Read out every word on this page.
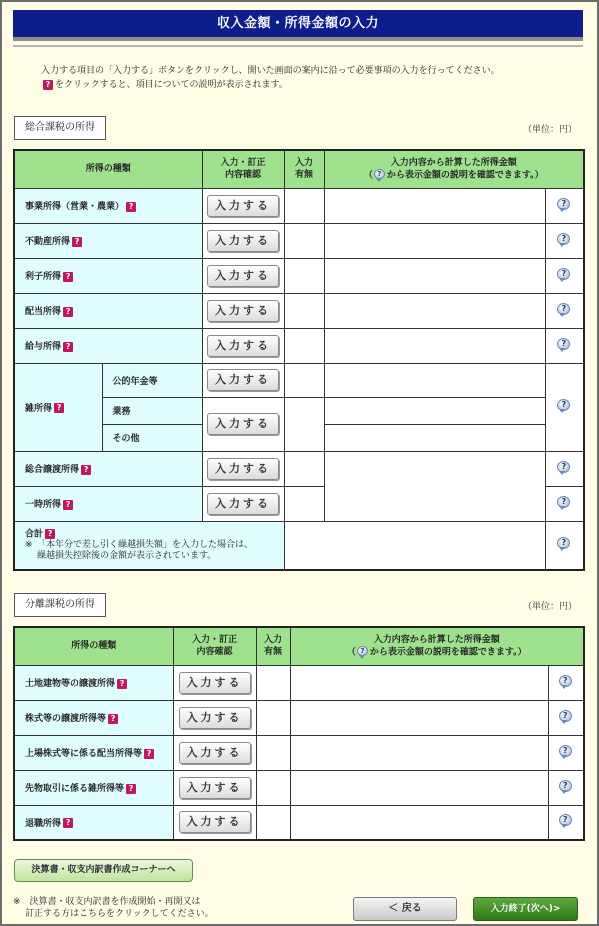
収入金額・所得金額の入力
入力する項目の「入力する」ボタンをクリックし、開いた画面の案内に沿って必要事項の入力を行ってください。
? をクリックすると、項目についての説明が表示されます。
総合課税の所得	（単位：円）
所得の種類		入力・訂正
内容確認	入力
有無	入力内容から計算した所得金額
（ ? から表示金額の説明を確認できます。）	
事業所得（営業・農業） ?		入力する			?

不動産所得 ?		入力する			?

利子所得 ?		入力する			?

配当所得 ?		入力する			?

給与所得 ?		入力する			?

雑所得 ?	公的年金等	入力する			?

	業務	入力する			
	その他				
総合譲渡所得 ?		入力する			?

一時所得 ?		入力する			?

合計 ?
※　「本年分で差し引く繰越損失額」を入力した場合は、
繰越損失控除後の金額が表示されています。					?
分離課税の所得	（単位：円）
所得の種類	入力・訂正
内容確認	入力
有無	入力内容から計算した所得金額
（ ? から表示金額の説明を確認できます。）	
土地建物等の譲渡所得 ?	入力する			?

株式等の譲渡所得等 ?	入力する			?

上場株式等に係る配当所得等 ?	入力する			?

先物取引に係る雑所得等 ?	入力する			?

退職所得 ?	入力する			?
決算書・収支内訳書作成コーナーへ
※　決算書・収支内訳書を作成開始・再開又は
訂正する方はこちらをクリックしてください。	＜ 戻る	入力終了(次へ)>
